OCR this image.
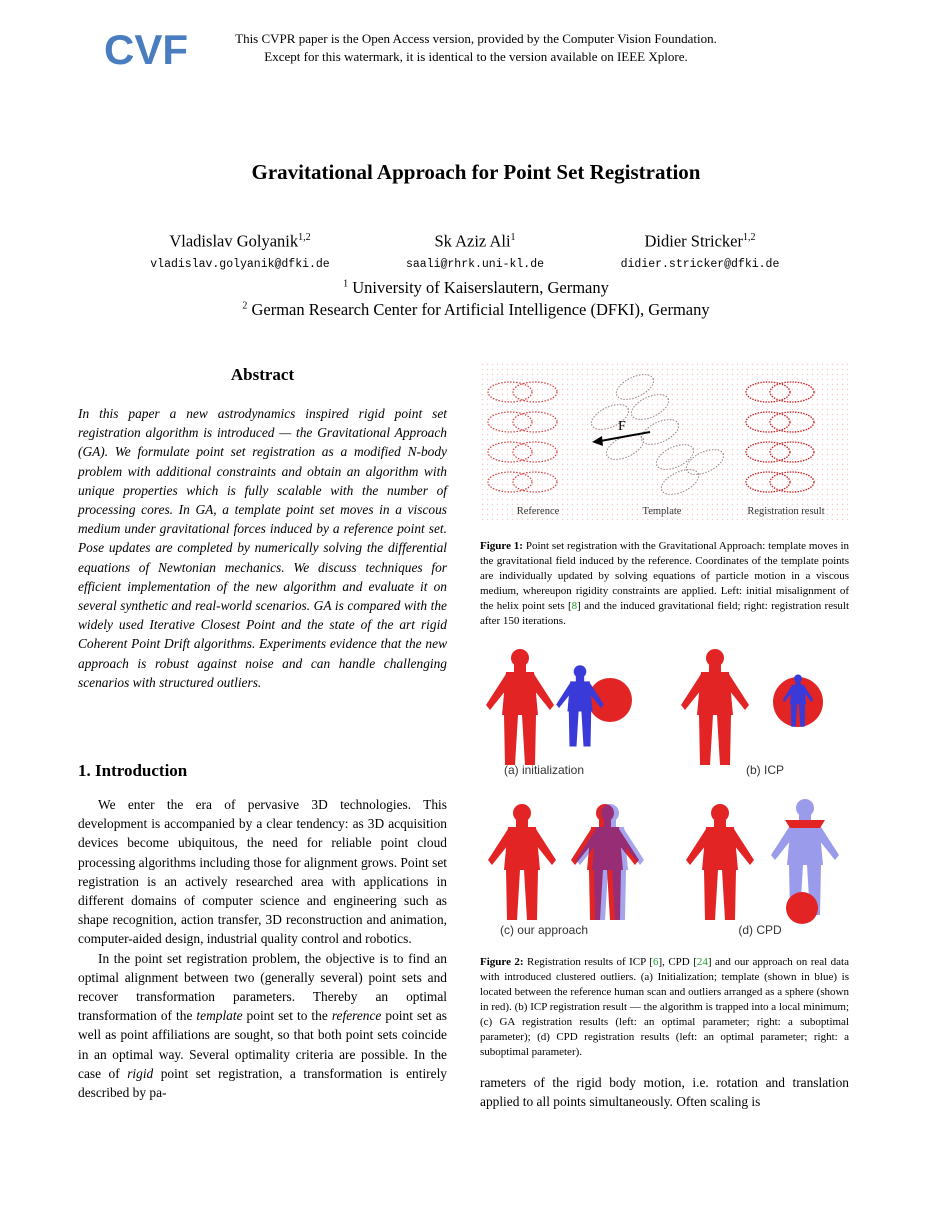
CVF	This CVPR paper is the Open Access version, provided by the Computer Vision Foundation.
Except for this watermark, it is identical to the version available on IEEE Xplore.
Gravitational Approach for Point Set Registration
Vladislav Golyanik$^{1,2}$
vladislav.golyanik@dfki.de
Sk Aziz Ali$^1$
saali@rhrk.uni-kl.de
Didier Stricker$^{1,2}$
didier.stricker@dfki.de
$^1$ University of Kaiserslautern, Germany
$^2$ German Research Center for Artificial Intelligence (DFKI), Germany
Abstract
In this paper a new astrodynamics inspired rigid point set registration algorithm is introduced — the Gravitational Approach (GA). We formulate point set registration as a modified N-body problem with additional constraints and obtain an algorithm with unique properties which is fully scalable with the number of processing cores. In GA, a template point set moves in a viscous medium under gravitational forces induced by a reference point set. Pose updates are completed by numerically solving the differential equations of Newtonian mechanics. We discuss techniques for efficient implementation of the new algorithm and evaluate it on several synthetic and real-world scenarios. GA is compared with the widely used Iterative Closest Point and the state of the art rigid Coherent Point Drift algorithms. Experiments evidence that the new approach is robust against noise and can handle challenging scenarios with structured outliers.
1. Introduction

We enter the era of pervasive 3D technologies. This development is accompanied by a clear tendency: as 3D acquisition devices become ubiquitous, the need for reliable point cloud processing algorithms including those for alignment grows. Point set registration is an actively researched area with applications in different domains of computer science and engineering such as shape recognition, action transfer, 3D reconstruction and animation, computer-aided design, industrial quality control and robotics.

In the point set registration problem, the objective is to find an optimal alignment between two (generally several) point sets and recover transformation parameters. Thereby an optimal transformation of the template point set to the reference point set as well as point affiliations are sought, so that both point sets coincide in an optimal way. Several optimality criteria are possible. In the case of rigid point set registration, a transformation is entirely described by pa-

F
Reference	Template	Registration result
Figure 1: Point set registration with the Gravitational Approach: template moves in the gravitational field induced by the reference. Coordinates of the template points are individually updated by solving equations of particle motion in a viscous medium, whereupon rigidity constraints are applied. Left: initial misalignment of the helix point sets [8] and the induced gravitational field; right: registration result after 150 iterations.
(a) initialization	(b) ICP
(c) our approach	(d) CPD
Figure 2: Registration results of ICP [6], CPD [24] and our approach on real data with introduced clustered outliers. (a) Initialization; template (shown in blue) is located between the reference human scan and outliers arranged as a sphere (shown in red). (b) ICP registration result — the algorithm is trapped into a local minimum; (c) GA registration results (left: an optimal parameter; right: a suboptimal parameter); (d) CPD registration results (left: an optimal parameter; right: a suboptimal parameter).
rameters of the rigid body motion, i.e. rotation and translation applied to all points simultaneously. Often scaling is
